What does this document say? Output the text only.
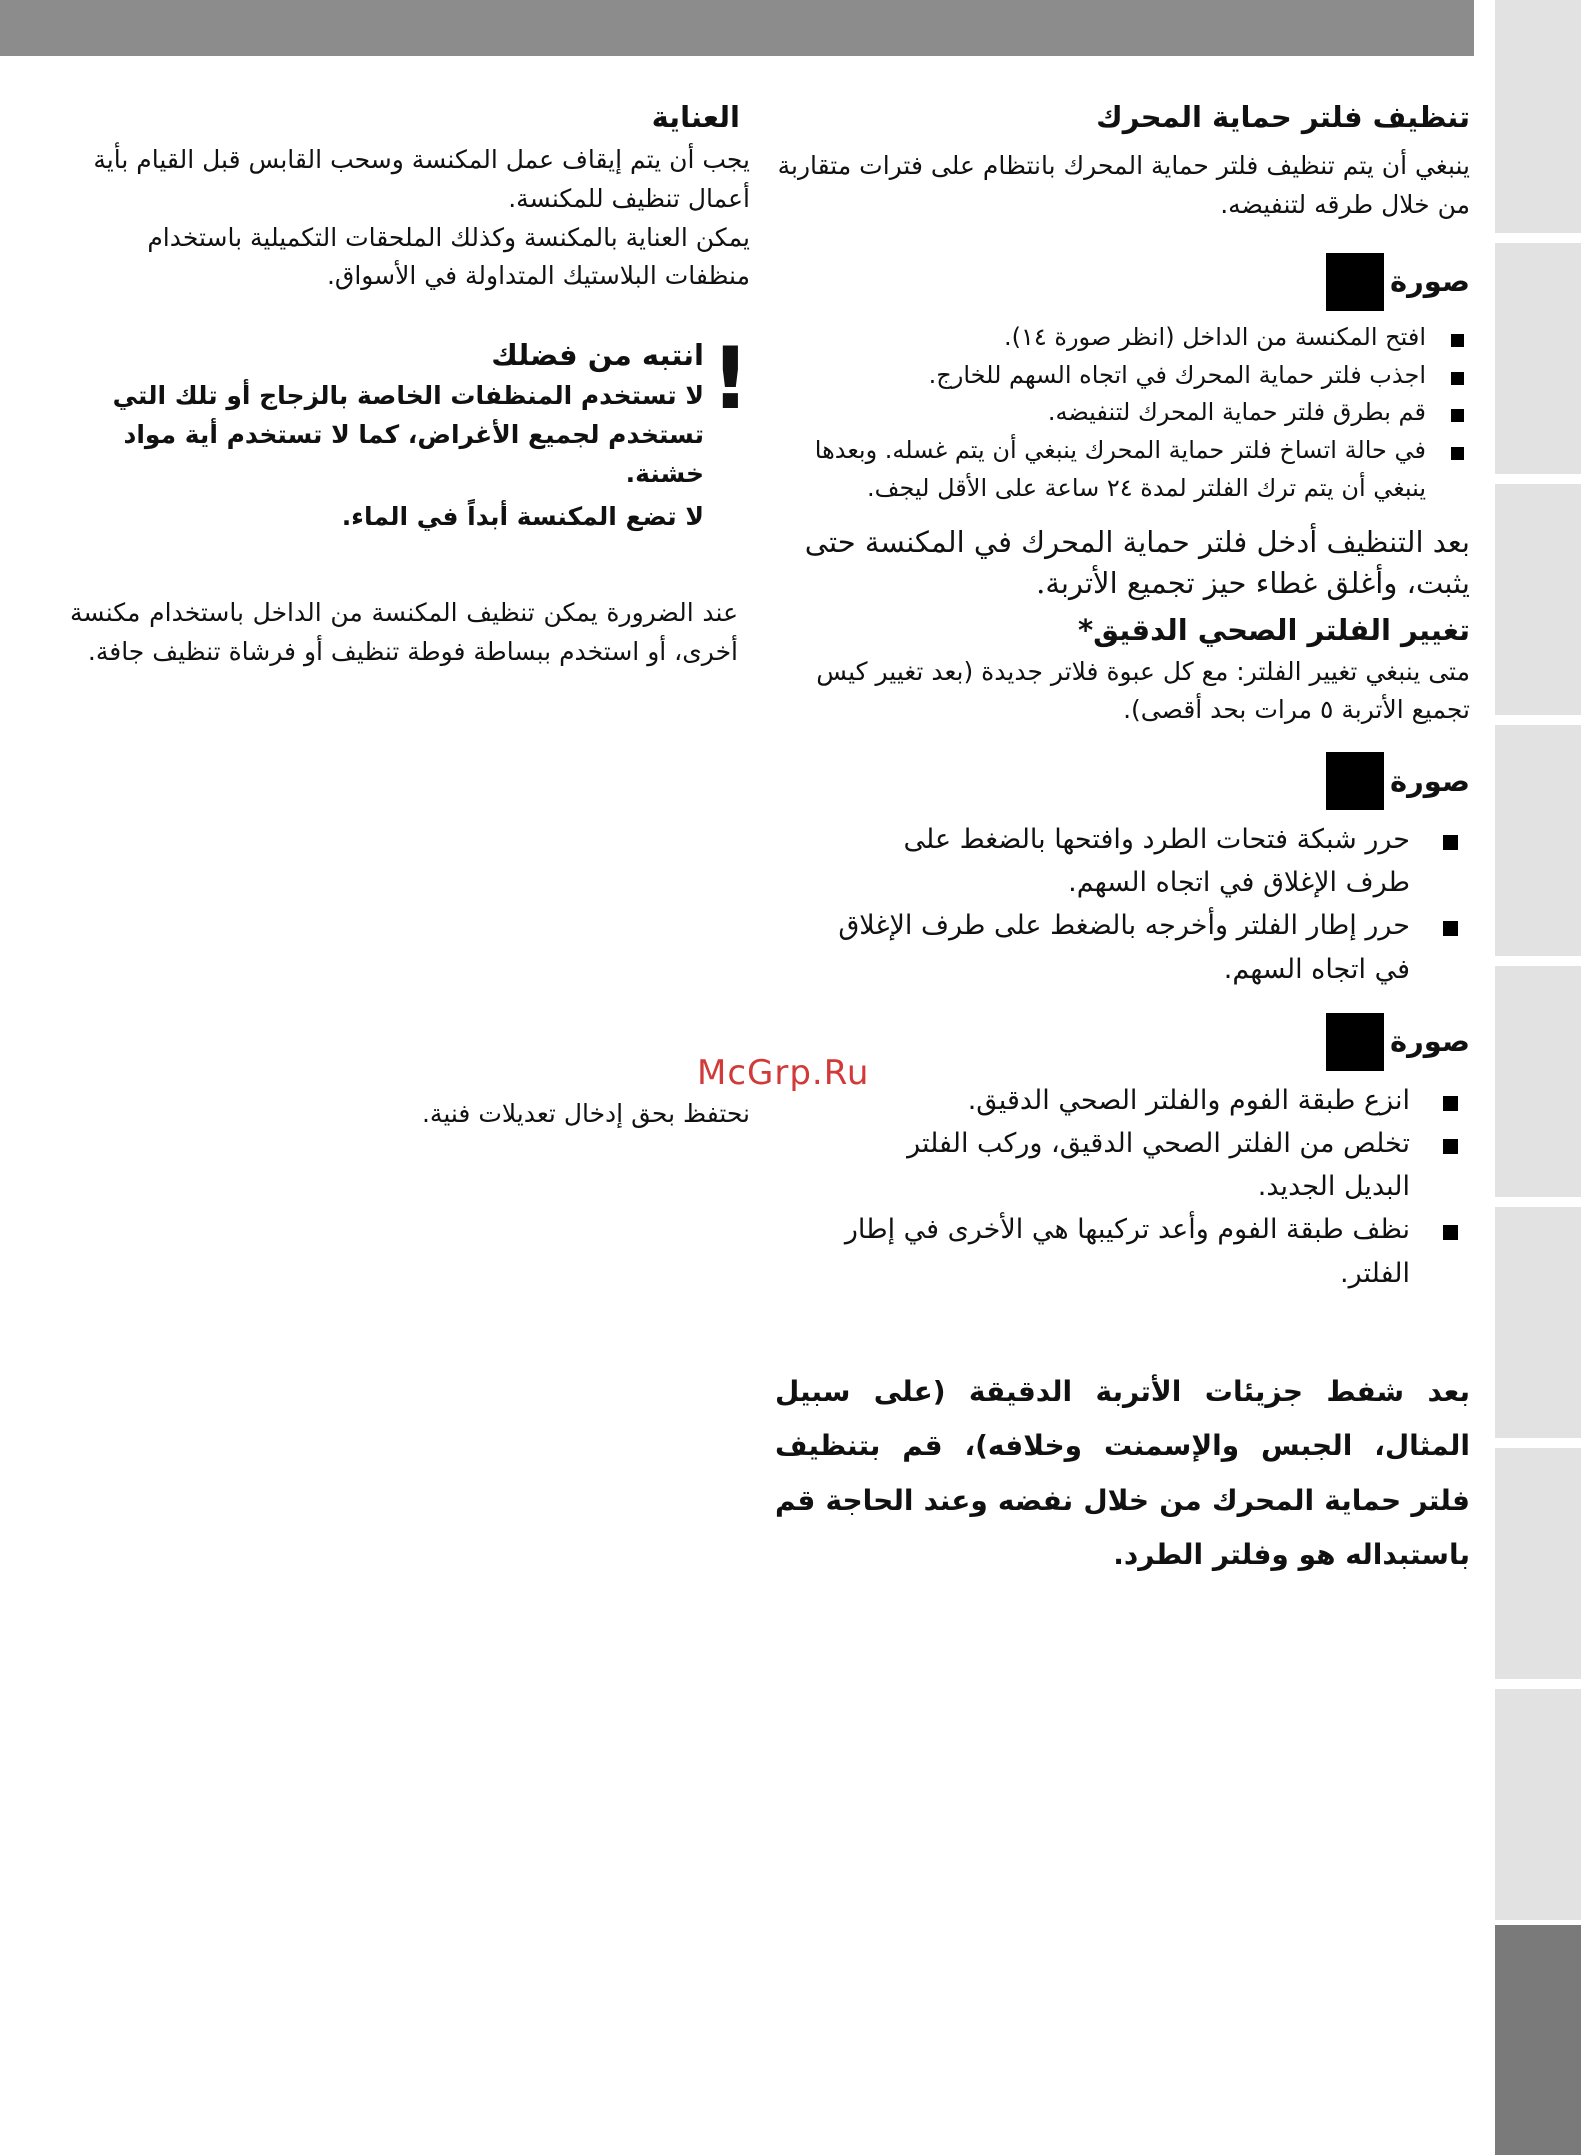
تنظيف فلتر حماية المحرك

ينبغي أن يتم تنظيف فلتر حماية المحرك بانتظام على فترات متقاربة من خلال طرقه لتنفيضه.

صورة
افتح المكنسة من الداخل (انظر صورة ١٤).
اجذب فلتر حماية المحرك في اتجاه السهم للخارج.
قم بطرق فلتر حماية المحرك لتنفيضه.
في حالة اتساخ فلتر حماية المحرك ينبغي أن يتم غسله. وبعدها ينبغي أن يتم ترك الفلتر لمدة ٢٤ ساعة على الأقل ليجف.

بعد التنظيف أدخل فلتر حماية المحرك في المكنسة حتى يثبت، وأغلق غطاء حيز تجميع الأتربة.

تغيير الفلتر الصحي الدقيق*

متى ينبغي تغيير الفلتر: مع كل عبوة فلاتر جديدة (بعد تغيير كيس تجميع الأتربة ٥ مرات بحد أقصى).

صورة
حرر شبكة فتحات الطرد وافتحها بالضغط على طرف الإغلاق في اتجاه السهم.
حرر إطار الفلتر وأخرجه بالضغط على طرف الإغلاق في اتجاه السهم.
صورة
انزع طبقة الفوم والفلتر الصحي الدقيق.
تخلص من الفلتر الصحي الدقيق، وركب الفلتر البديل الجديد.
نظف طبقة الفوم وأعد تركيبها هي الأخرى في إطار الفلتر.

بعد شفط جزيئات الأتربة الدقيقة (على سبيل المثال، الجبس والإسمنت وخلافه)، قم بتنظيف فلتر حماية المحرك من خلال نفضه وعند الحاجة قم باستبداله هو وفلتر الطرد.

العناية

يجب أن يتم إيقاف عمل المكنسة وسحب القابس قبل القيام بأية أعمال تنظيف للمكنسة.

يمكن العناية بالمكنسة وكذلك الملحقات التكميلية باستخدام منظفات البلاستيك المتداولة في الأسواق.

!
انتبه من فضلك

لا تستخدم المنظفات الخاصة بالزجاج أو تلك التي تستخدم لجميع الأغراض، كما لا تستخدم أية مواد خشنة.

لا تضع المكنسة أبداً في الماء.

عند الضرورة يمكن تنظيف المكنسة من الداخل باستخدام مكنسة أخرى، أو استخدم ببساطة فوطة تنظيف أو فرشاة تنظيف جافة.

نحتفظ بحق إدخال تعديلات فنية.

McGrp.Ru
